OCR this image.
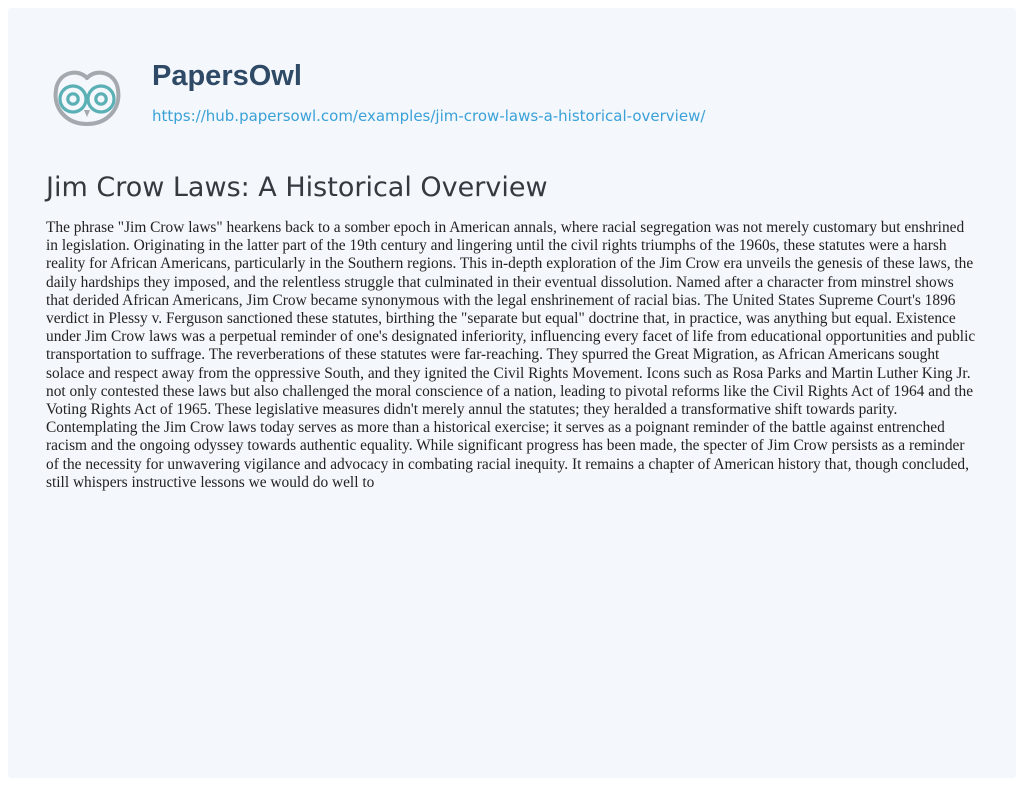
PapersOwl
https://hub.papersowl.com/examples/jim-crow-laws-a-historical-overview/
Jim Crow Laws: A Historical Overview

The phrase "Jim Crow laws" hearkens back to a somber epoch in American annals, where racial segregation was not merely customary but enshrined in legislation. Originating in the latter part of the 19th century and lingering until the civil rights triumphs of the 1960s, these statutes were a harsh reality for African Americans, particularly in the Southern regions. This in-depth exploration of the Jim Crow era unveils the genesis of these laws, the daily hardships they imposed, and the relentless struggle that culminated in their eventual dissolution. Named after a character from minstrel shows that derided African Americans, Jim Crow became synonymous with the legal enshrinement of racial bias. The United States Supreme Court's 1896 verdict in Plessy v. Ferguson sanctioned these statutes, birthing the "separate but equal" doctrine that, in practice, was anything but equal. Existence under Jim Crow laws was a perpetual reminder of one's designated inferiority, influencing every facet of life from educational opportunities and public transportation to suffrage. The reverberations of these statutes were far-reaching. They spurred the Great Migration, as African Americans sought solace and respect away from the oppressive South, and they ignited the Civil Rights Movement. Icons such as Rosa Parks and Martin Luther King Jr. not only contested these laws but also challenged the moral conscience of a nation, leading to pivotal reforms like the Civil Rights Act of 1964 and the Voting Rights Act of 1965. These legislative measures didn't merely annul the statutes; they heralded a transformative shift towards parity. Contemplating the Jim Crow laws today serves as more than a historical exercise; it serves as a poignant reminder of the battle against entrenched racism and the ongoing odyssey towards authentic equality. While significant progress has been made, the specter of Jim Crow persists as a reminder of the necessity for unwavering vigilance and advocacy in combating racial inequity. It remains a chapter of American history that, though concluded, still whispers instructive lessons we would do well to
